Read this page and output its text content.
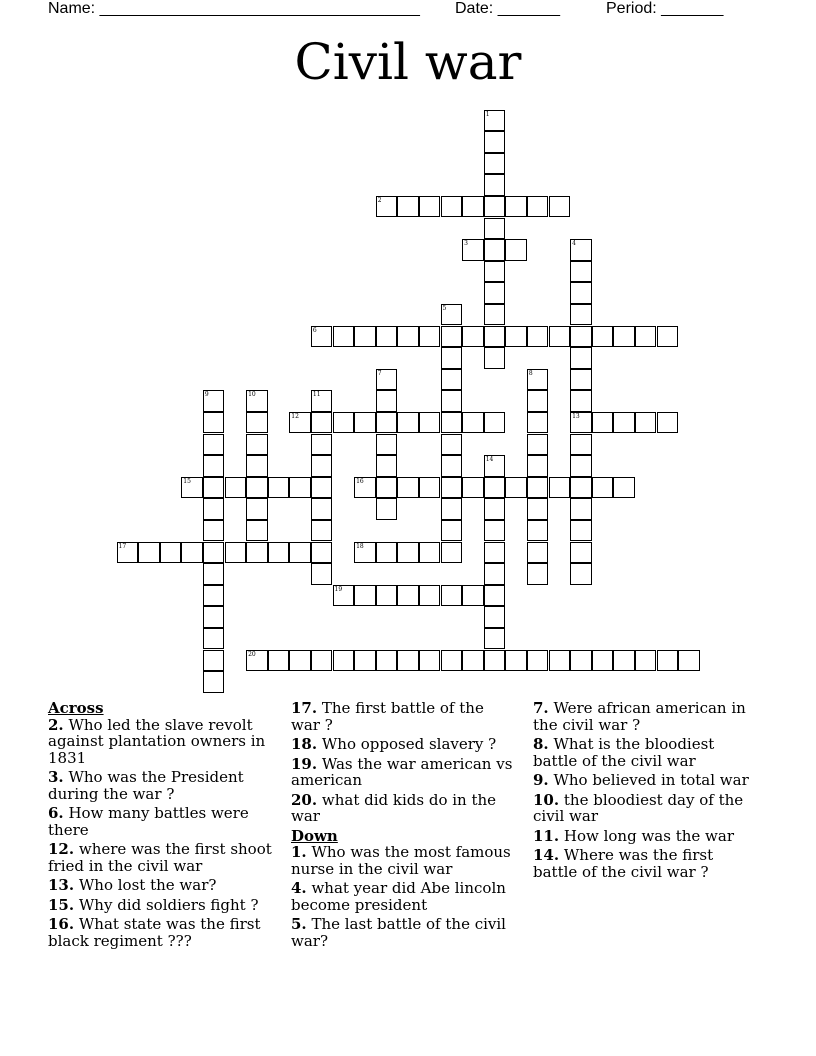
Name: ____________________________________ Date: _______	Period: _______
Civil war
1
2
3	4
13
5
6
7	8
9	10	11
12
14
15	16
17	18
19
20
Across
2. Who led the slave revolt against plantation owners in 1831
3. Who was the President during the war ?
6. How many battles were there
12. where was the first shoot fried in the civil war
13. Who lost the war?
15. Why did soldiers fight ?
16. What state was the first black regiment ???
17. The first battle of the war ?
18. Who opposed slavery ?
19. Was the war american vs american
20. what did kids do in the war
Down
1. Who was the most famous nurse in the civil war
4. what year did Abe lincoln become president
5. The last battle of the civil war?
7. Were african american in the civil war ?
8. What is the bloodiest battle of the civil war
9. Who believed in total war
10. the bloodiest day of the civil war
11. How long was the war
14. Where was the first battle of the civil war ?
